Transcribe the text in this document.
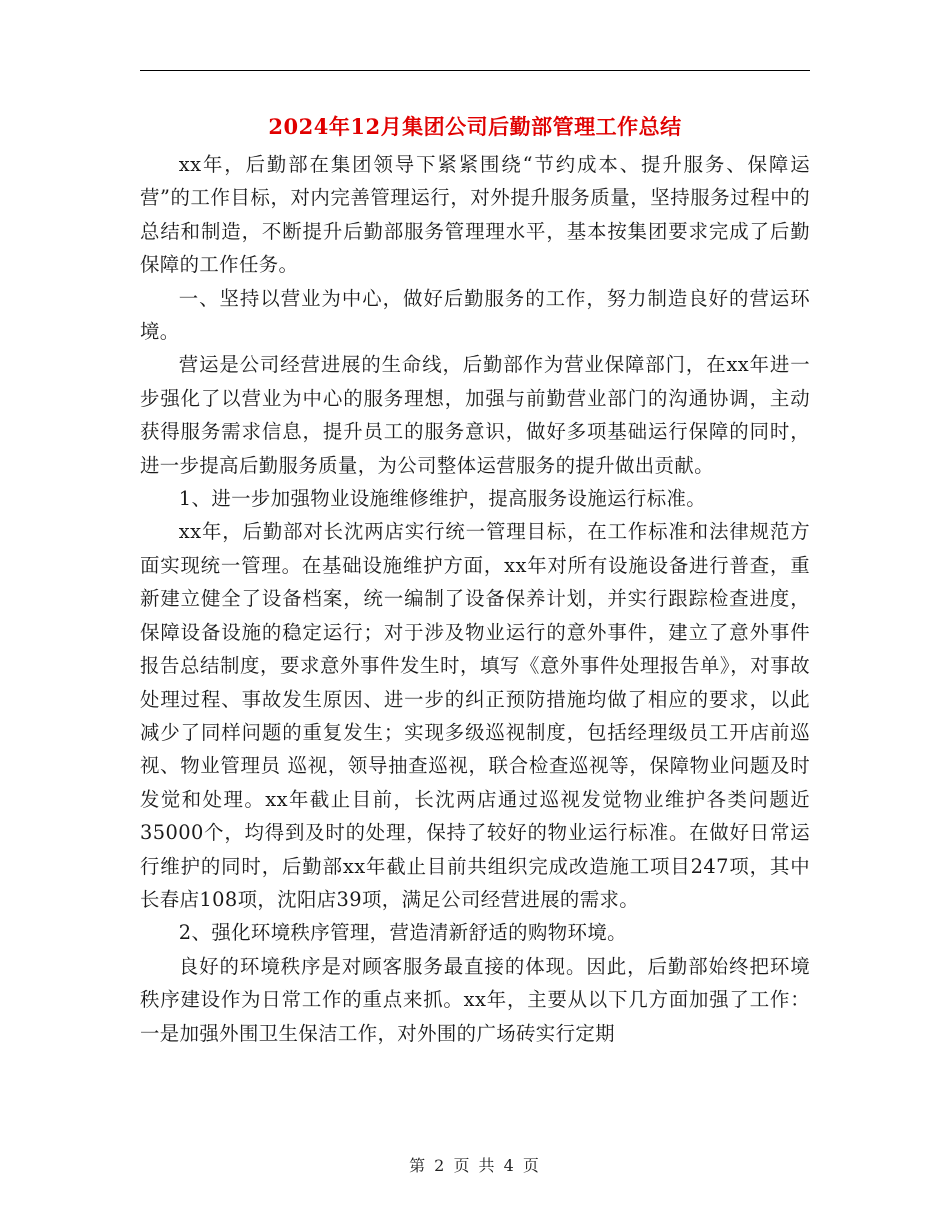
2024年12月集团公司后勤部管理工作总结

xx年，后勤部在集团领导下紧紧围绕“节约成本、提升服务、保障运营”的工作目标，对内完善管理运行，对外提升服务质量，坚持服务过程中的总结和制造，不断提升后勤部服务管理理水平，基本按集团要求完成了后勤保障的工作任务。

一、坚持以营业为中心，做好后勤服务的工作，努力制造良好的营运环境。

营运是公司经营进展的生命线，后勤部作为营业保障部门，在xx年进一步强化了以营业为中心的服务理想，加强与前勤营业部门的沟通协调，主动获得服务需求信息，提升员工的服务意识，做好多项基础运行保障的同时，进一步提高后勤服务质量，为公司整体运营服务的提升做出贡献。

1、进一步加强物业设施维修维护，提高服务设施运行标准。

xx年，后勤部对长沈两店实行统一管理目标，在工作标准和法律规范方面实现统一管理。在基础设施维护方面，xx年对所有设施设备进行普查，重新建立健全了设备档案，统一编制了设备保养计划，并实行跟踪检查进度，保障设备设施的稳定运行；对于涉及物业运行的意外事件，建立了意外事件报告总结制度，要求意外事件发生时，填写《意外事件处理报告单》，对事故处理过程、事故发生原因、进一步的纠正预防措施均做了相应的要求，以此减少了同样问题的重复发生；实现多级巡视制度，包括经理级员工开店前巡视、物业管理员 巡视，领导抽查巡视，联合检查巡视等，保障物业问题及时发觉和处理。xx年截止目前，长沈两店通过巡视发觉物业维护各类问题近35000个，均得到及时的处理，保持了较好的物业运行标准。在做好日常运行维护的同时，后勤部xx年截止目前共组织完成改造施工项目247项，其中长春店108项，沈阳店39项，满足公司经营进展的需求。

2、强化环境秩序管理，营造清新舒适的购物环境。

良好的环境秩序是对顾客服务最直接的体现。因此，后勤部始终把环境秩序建设作为日常工作的重点来抓。xx年，主要从以下几方面加强了工作：一是加强外围卫生保洁工作，对外围的广场砖实行定期

第 2 页 共 4 页
